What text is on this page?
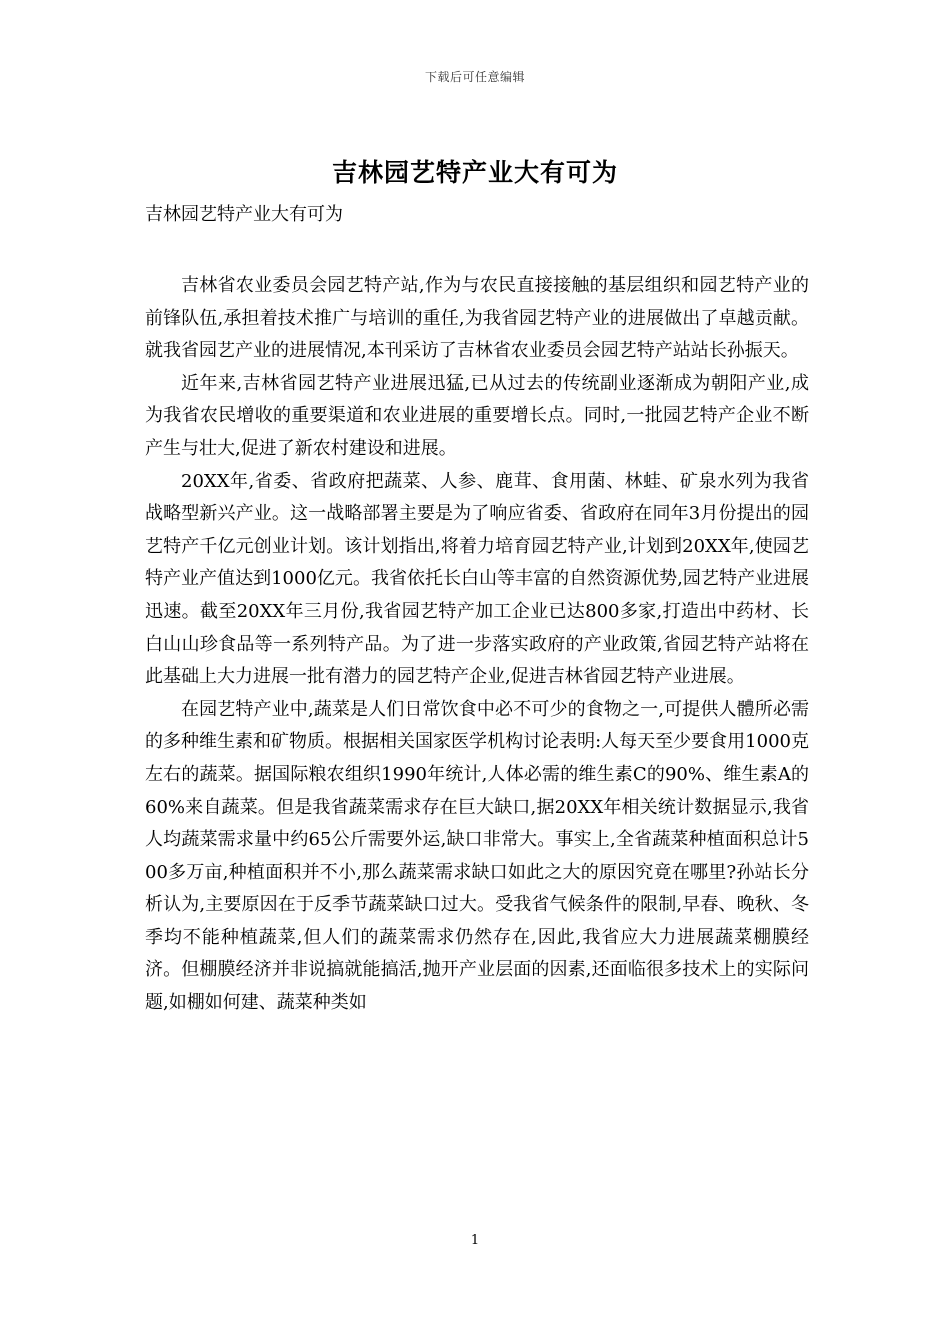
下载后可任意编辑
吉林园艺特产业大有可为
吉林园艺特产业大有可为

吉林省农业委员会园艺特产站,作为与农民直接接触的基层组织和园艺特产业的前锋队伍,承担着技术推广与培训的重任,为我省园艺特产业的进展做出了卓越贡献。就我省园艺产业的进展情况,本刊采访了吉林省农业委员会园艺特产站站长孙振天。

近年来,吉林省园艺特产业进展迅猛,已从过去的传统副业逐渐成为朝阳产业,成为我省农民增收的重要渠道和农业进展的重要增长点。同时,一批园艺特产企业不断产生与壮大,促进了新农村建设和进展。

20XX年,省委、省政府把蔬菜、人参、鹿茸、食用菌、林蛙、矿泉水列为我省战略型新兴产业。这一战略部署主要是为了响应省委、省政府在同年3月份提出的园艺特产千亿元创业计划。该计划指出,将着力培育园艺特产业,计划到20XX年,使园艺特产业产值达到1000亿元。我省依托长白山等丰富的自然资源优势,园艺特产业进展迅速。截至20XX年三月份,我省园艺特产加工企业已达800多家,打造出中药材、长白山山珍食品等一系列特产品。为了进一步落实政府的产业政策,省园艺特产站将在此基础上大力进展一批有潜力的园艺特产企业,促进吉林省园艺特产业进展。

在园艺特产业中,蔬菜是人们日常饮食中必不可少的食物之一,可提供人體所必需的多种维生素和矿物质。根据相关国家医学机构讨论表明:人每天至少要食用1000克左右的蔬菜。据国际粮农组织1990年统计,人体必需的维生素C的90%、维生素A的60%来自蔬菜。但是我省蔬菜需求存在巨大缺口,据20XX年相关统计数据显示,我省人均蔬菜需求量中约65公斤需要外运,缺口非常大。事实上,全省蔬菜种植面积总计500多万亩,种植面积并不小,那么蔬菜需求缺口如此之大的原因究竟在哪里?孙站长分析认为,主要原因在于反季节蔬菜缺口过大。受我省气候条件的限制,早春、晚秋、冬季均不能种植蔬菜,但人们的蔬菜需求仍然存在,因此,我省应大力进展蔬菜棚膜经济。但棚膜经济并非说搞就能搞活,抛开产业层面的因素,还面临很多技术上的实际问题,如棚如何建、蔬菜种类如

1
